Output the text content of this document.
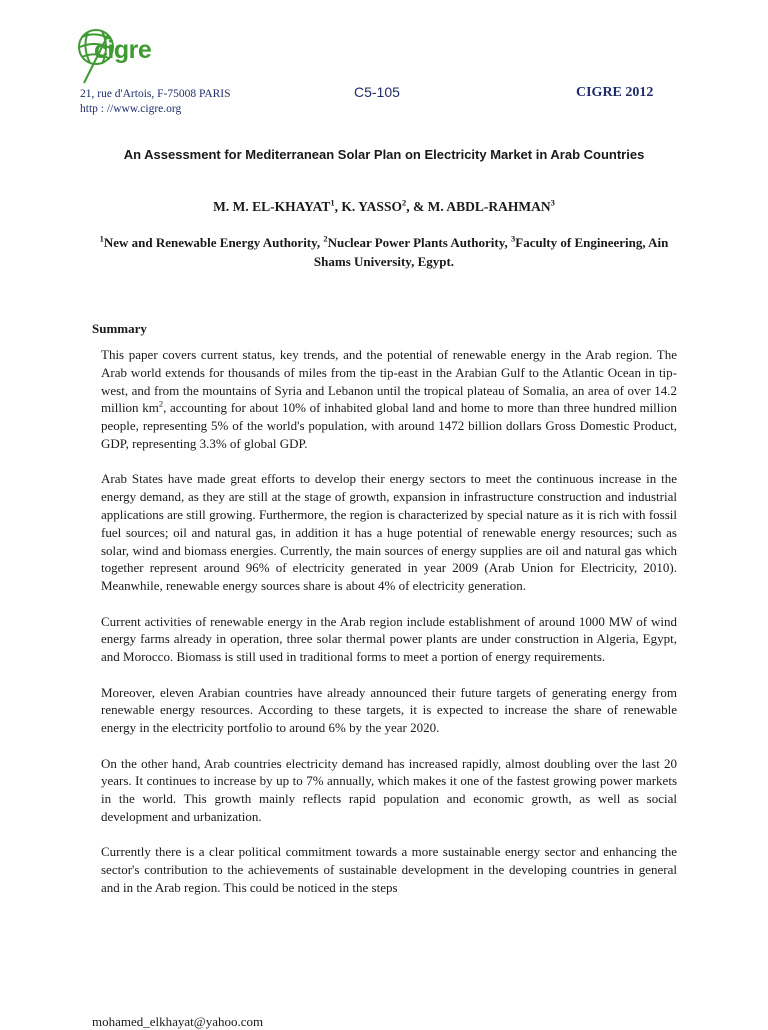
cigre
21, rue d'Artois, F-75008 PARIS
http : //www.cigre.org
C5-105	CIGRE 2012
An Assessment for Mediterranean Solar Plan on Electricity Market in Arab Countries
M. M. EL-KHAYAT$^1$, K. YASSO$^2$, & M. ABDL-RAHMAN$^3$
$^1$New and Renewable Energy Authority, $^2$Nuclear Power Plants Authority, $^3$Faculty of Engineering, Ain Shams University, Egypt.
Summary

This paper covers current status, key trends, and the potential of renewable energy in the Arab region. The Arab world extends for thousands of miles from the tip-east in the Arabian Gulf to the Atlantic Ocean in tip-west, and from the mountains of Syria and Lebanon until the tropical plateau of Somalia, an area of over 14.2 million $km^2$, accounting for about 10% of inhabited global land and home to more than three hundred million people, representing 5% of the world's population, with around 1472 billion dollars Gross Domestic Product, GDP, representing 3.3% of global GDP.

Arab States have made great efforts to develop their energy sectors to meet the continuous increase in the energy demand, as they are still at the stage of growth, expansion in infrastructure construction and industrial applications are still growing. Furthermore, the region is characterized by special nature as it is rich with fossil fuel sources; oil and natural gas, in addition it has a huge potential of renewable energy resources; such as solar, wind and biomass energies. Currently, the main sources of energy supplies are oil and natural gas which together represent around 96% of electricity generated in year 2009 (Arab Union for Electricity, 2010). Meanwhile, renewable energy sources share is about 4% of electricity generation.

Current activities of renewable energy in the Arab region include establishment of around 1000 MW of wind energy farms already in operation, three solar thermal power plants are under construction in Algeria, Egypt, and Morocco. Biomass is still used in traditional forms to meet a portion of energy requirements.

Moreover, eleven Arabian countries have already announced their future targets of generating energy from renewable energy resources. According to these targets, it is expected to increase the share of renewable energy in the electricity portfolio to around 6% by the year 2020.

On the other hand, Arab countries electricity demand has increased rapidly, almost doubling over the last 20 years. It continues to increase by up to 7% annually, which makes it one of the fastest growing power markets in the world. This growth mainly reflects rapid population and economic growth, as well as social development and urbanization.

Currently there is a clear political commitment towards a more sustainable energy sector and enhancing the sector's contribution to the achievements of sustainable development in the developing countries in general and in the Arab region. This could be noticed in the steps

mohamed_elkhayat@yahoo.com
